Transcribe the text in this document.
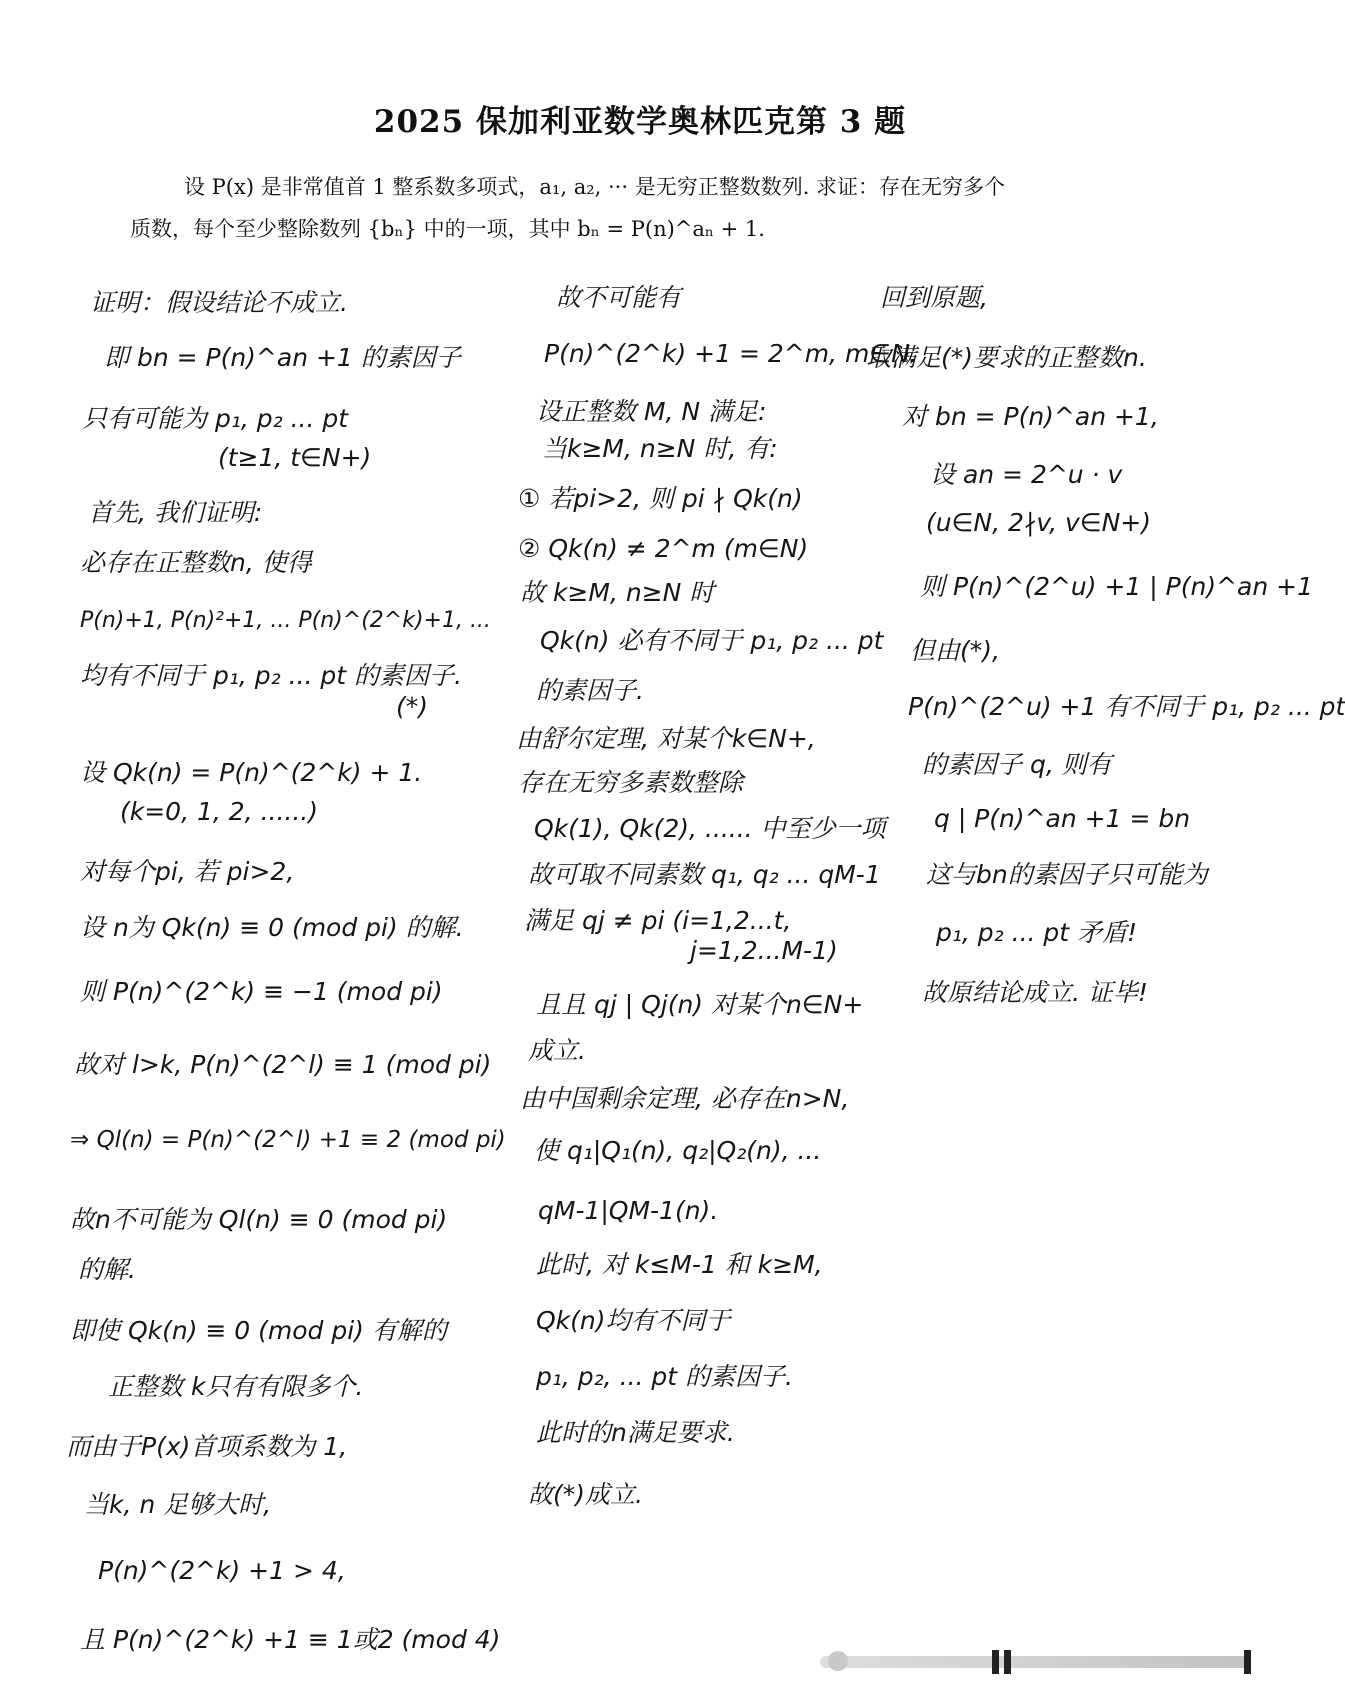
2025 保加利亚数学奥林匹克第 3 题
设 P(x) 是非常值首 1 整系数多项式，a₁, a₂, ··· 是无穷正整数数列. 求证：存在无穷多个
质数，每个至少整除数列 {bₙ} 中的一项，其中 bₙ = P(n)^aₙ + 1.
证明：假设结论不成立.
即 bn = P(n)^an +1 的素因子
只有可能为 p₁, p₂ ... pt
(t≥1, t∈N+)
首先, 我们证明:
必存在正整数n, 使得
P(n)+1, P(n)²+1, ... P(n)^(2^k)+1, ...
均有不同于 p₁, p₂ ... pt 的素因子.
(*)
设 Qk(n) = P(n)^(2^k) + 1.
(k=0, 1, 2, ......)
对每个pi, 若 pi>2,
设 n为 Qk(n) ≡ 0 (mod pi) 的解.
则 P(n)^(2^k) ≡ −1 (mod pi)
故对 l>k, P(n)^(2^l) ≡ 1 (mod pi)
⇒ Ql(n) = P(n)^(2^l) +1 ≡ 2 (mod pi)
故n不可能为 Ql(n) ≡ 0 (mod pi)
的解.
即使 Qk(n) ≡ 0 (mod pi) 有解的
正整数 k只有有限多个.
而由于P(x)首项系数为 1,
当k, n 足够大时,
P(n)^(2^k) +1 > 4,
且 P(n)^(2^k) +1 ≡ 1或2 (mod 4)
故不可能有
P(n)^(2^k) +1 = 2^m, m∈N.
设正整数 M, N 满足:
当k≥M, n≥N 时, 有:
① 若pi>2, 则 pi ∤ Qk(n)
② Qk(n) ≠ 2^m (m∈N)
故 k≥M, n≥N 时
Qk(n) 必有不同于 p₁, p₂ ... pt
的素因子.
由舒尔定理, 对某个k∈N+,
存在无穷多素数整除
Qk(1), Qk(2), ...... 中至少一项
故可取不同素数 q₁, q₂ ... qM-1
满足 qj ≠ pi (i=1,2...t,
j=1,2...M-1)
且且 qj | Qj(n) 对某个n∈N+
成立.
由中国剩余定理, 必存在n>N,
使 q₁|Q₁(n), q₂|Q₂(n), ...
qM-1|QM-1(n).
此时, 对 k≤M-1 和 k≥M,
Qk(n)均有不同于
p₁, p₂, ... pt 的素因子.
此时的n满足要求.
故(*)成立.
回到原题,
取满足(*)要求的正整数n.
对 bn = P(n)^an +1,
设 an = 2^u · v
(u∈N, 2∤v, v∈N+)
则 P(n)^(2^u) +1 | P(n)^an +1
但由(*),
P(n)^(2^u) +1 有不同于 p₁, p₂ ... pt
的素因子 q, 则有
q | P(n)^an +1 = bn
这与bn的素因子只可能为
p₁, p₂ ... pt 矛盾!
故原结论成立. 证毕!
